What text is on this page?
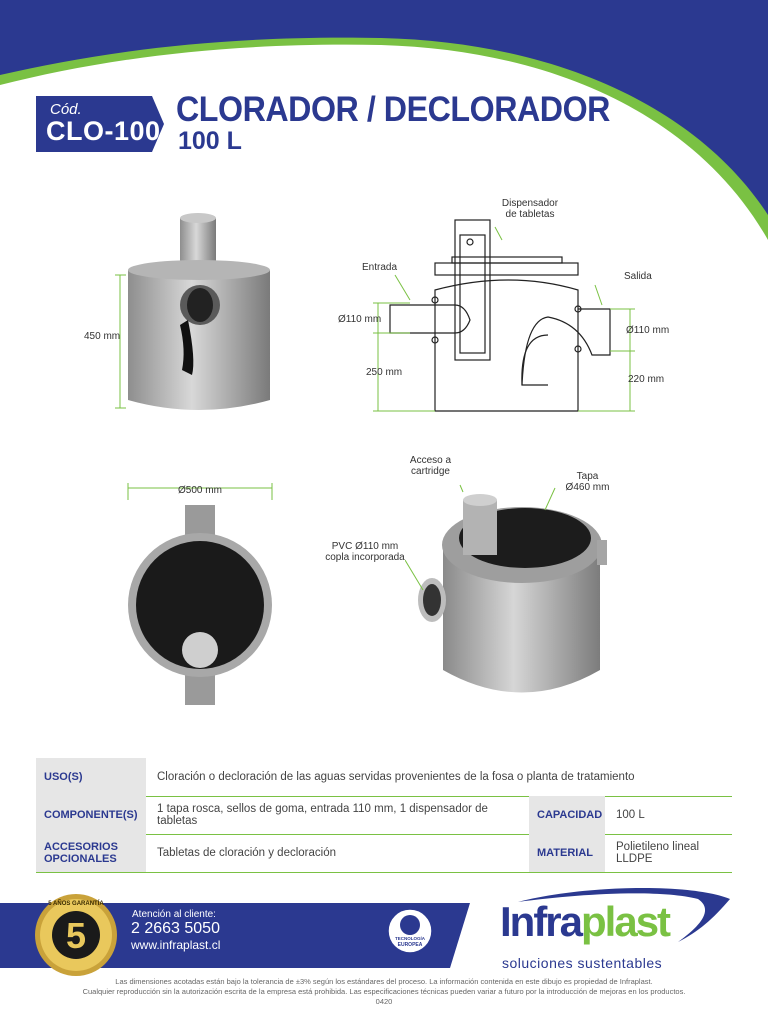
Cód.
CLO-100
CLORADOR / DECLORADOR
100 L
450 mm
Dispensador
de tabletas
Entrada
Salida
Ø110 mm
Ø110 mm
250 mm
220 mm
Ø500 mm
Acceso a
cartridge	Tapa
Ø460 mm
PVC Ø110 mm
copla incorporada
USO(S)	Cloración o decloración de las aguas servidas provenientes de la fosa o planta de tratamiento
COMPONENTE(S)	1 tapa rosca, sellos de goma, entrada 110 mm, 1 dispensador de tabletas	CAPACIDAD	100 L
ACCESORIOS
OPCIONALES	Tabletas de cloración y decloración	MATERIAL	Polietileno lineal LLDPE
5
5 AÑOS GARANTÍA
Atención al cliente:
2 2663 5050
www.infraplast.cl	TECNOLOGÍA
EUROPEA Infraplast
soluciones sustentables
Las dimensiones acotadas están bajo la tolerancia de ±3% según los estándares del proceso. La información contenida en este dibujo es propiedad de Infraplast.
Cualquier reproducción sin la autorización escrita de la empresa está prohibida. Las especificaciones técnicas pueden variar a futuro por la introducción de mejoras en los productos.
0420
